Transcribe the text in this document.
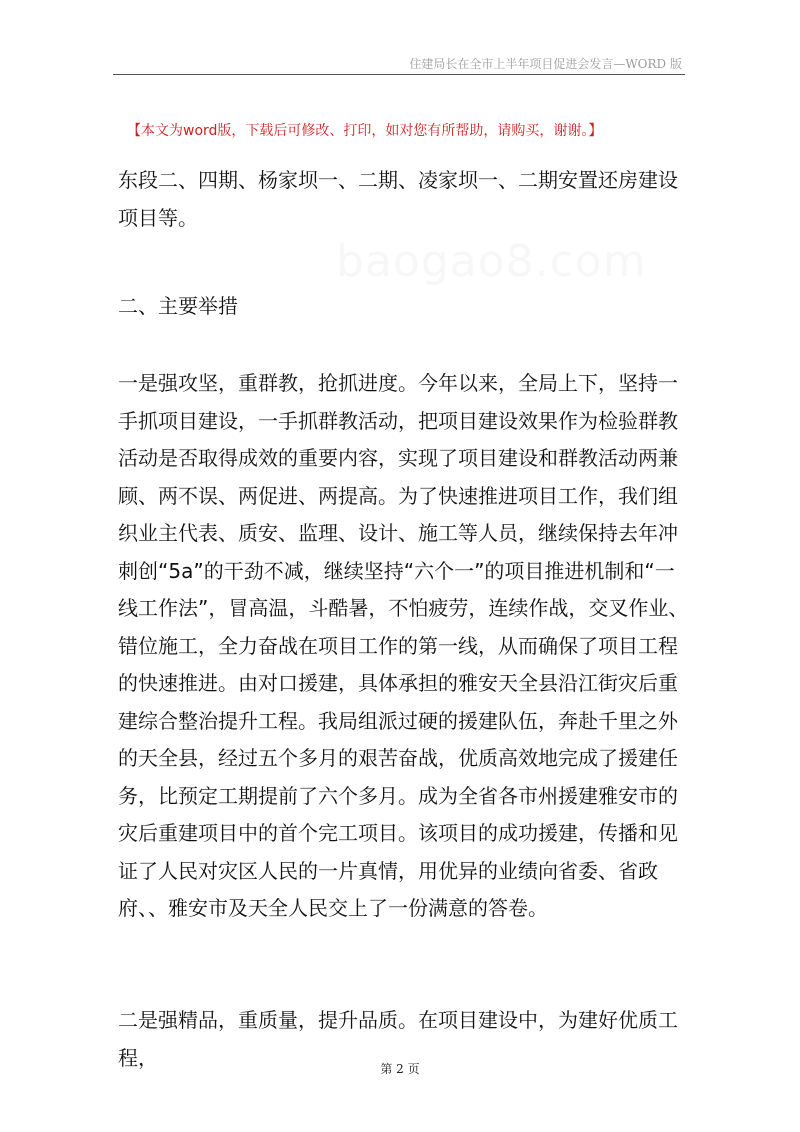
住建局长在全市上半年项目促进会发言—WORD 版
【本文为word版，下载后可修改、打印，如对您有所帮助，请购买，谢谢。】
baogao8.com

东段二、四期、杨家坝一、二期、凌家坝一、二期安置还房建设项目等。

二、主要举措

一是强攻坚，重群教，抢抓进度。今年以来，全局上下，坚持一手抓项目建设，一手抓群教活动，把项目建设效果作为检验群教活动是否取得成效的重要内容，实现了项目建设和群教活动两兼顾、两不误、两促进、两提高。为了快速推进项目工作，我们组织业主代表、质安、监理、设计、施工等人员，继续保持去年冲刺创“5a”的干劲不减，继续坚持“六个一”的项目推进机制和“一线工作法”，冒高温，斗酷暑，不怕疲劳，连续作战，交叉作业、错位施工，全力奋战在项目工作的第一线，从而确保了项目工程的快速推进。由对口援建，具体承担的雅安天全县沿江街灾后重建综合整治提升工程。我局组派过硬的援建队伍，奔赴千里之外的天全县，经过五个多月的艰苦奋战，优质高效地完成了援建任务，比预定工期提前了六个多月。成为全省各市州援建雅安市的灾后重建项目中的首个完工项目。该项目的成功援建，传播和见证了人民对灾区人民的一片真情，用优异的业绩向省委、省政府、、雅安市及天全人民交上了一份满意的答卷。

二是强精品，重质量，提升品质。在项目建设中，为建好优质工程，	第 2 页
